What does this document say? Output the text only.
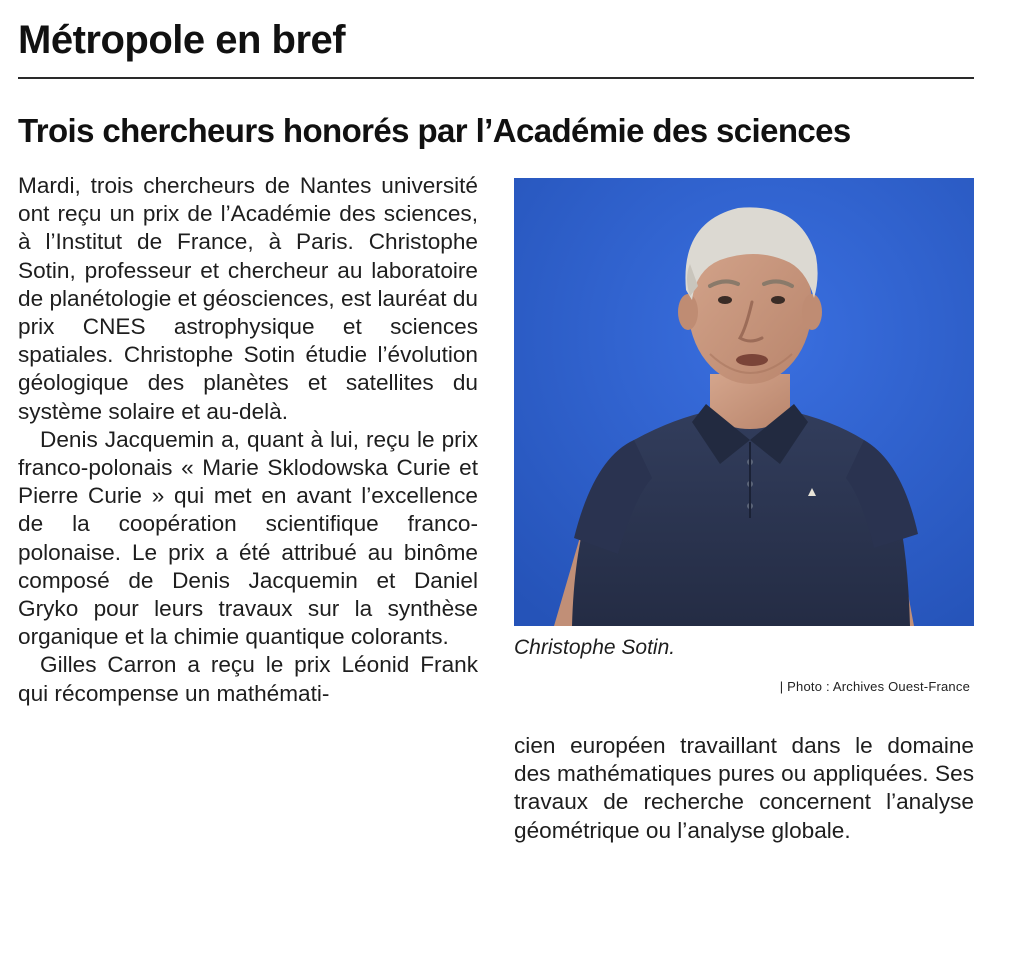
Métropole en bref
Trois chercheurs honorés par l’Académie des sciences

Mardi, trois chercheurs de Nantes université ont reçu un prix de l’Académie des sciences, à l’Institut de France, à Paris. Christophe Sotin, professeur et chercheur au laboratoire de planétologie et géosciences, est lauréat du prix CNES astrophysique et sciences spatiales. Christophe Sotin étudie l’évolution géologique des planètes et satellites du système solaire et au-delà.

Denis Jacquemin a, quant à lui, reçu le prix franco-polonais « Marie Sklodowska Curie et Pierre Curie » qui met en avant l’excellence de la coopération scientifique franco-polonaise. Le prix a été attribué au binôme composé de Denis Jacquemin et Daniel Gryko pour leurs travaux sur la synthèse organique et la chimie quantique colorants.

Gilles Carron a reçu le prix Léonid Frank qui récompense un mathémati-

Christophe Sotin.

| Photo : Archives Ouest-France

cien européen travaillant dans le domaine des mathématiques pures ou appliquées. Ses travaux de recherche concernent l’analyse géométrique ou l’analyse globale.
